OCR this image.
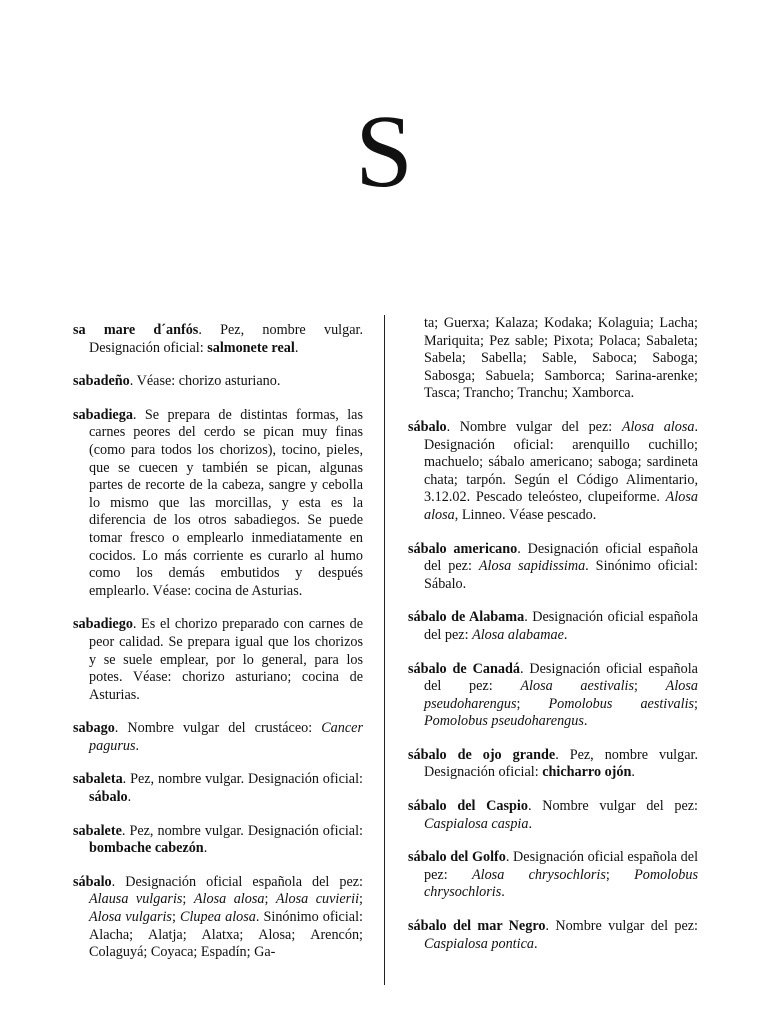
S

sa mare d´anfós. Pez, nombre vulgar. Designación oficial: salmonete real.

sabadeño. Véase: chorizo asturiano.

sabadiega. Se prepara de distintas formas, las carnes peores del cerdo se pican muy finas (como para todos los chorizos), tocino, pieles, que se cuecen y también se pican, algunas partes de recorte de la cabeza, sangre y cebolla lo mismo que las morcillas, y esta es la diferencia de los otros sabadiegos. Se puede tomar fresco o emplearlo inmediatamente en cocidos. Lo más corriente es curarlo al humo como los demás embutidos y después emplearlo. Véase: cocina de Asturias.

sabadiego. Es el chorizo preparado con carnes de peor calidad. Se prepara igual que los chorizos y se suele emplear, por lo general, para los potes. Véase: chorizo asturiano; cocina de Asturias.

sabago. Nombre vulgar del crustáceo: Cancer pagurus.

sabaleta. Pez, nombre vulgar. Designación oficial: sábalo.

sabalete. Pez, nombre vulgar. Designación oficial: bombache cabezón.

sábalo. Designación oficial española del pez: Alausa vulgaris; Alosa alosa; Alosa cuvierii; Alosa vulgaris; Clupea alosa. Sinónimo oficial: Alacha; Alatja; Alatxa; Alosa; Arencón; Colaguyá; Coyaca; Espadín; Ga-

ta; Guerxa; Kalaza; Kodaka; Kolaguia; Lacha; Mariquita; Pez sable; Pixota; Polaca; Sabaleta; Sabela; Sabella; Sable, Saboca; Saboga; Sabosga; Sabuela; Samborca; Sarina-arenke; Tasca; Trancho; Tranchu; Xamborca.

sábalo. Nombre vulgar del pez: Alosa alosa. Designación oficial: arenquillo cuchillo; machuelo; sábalo americano; saboga; sardineta chata; tarpón. Según el Código Alimentario, 3.12.02. Pescado teleósteo, clupeiforme. Alosa alosa, Linneo. Véase pescado.

sábalo americano. Designación oficial española del pez: Alosa sapidissima. Sinónimo oficial: Sábalo.

sábalo de Alabama. Designación oficial española del pez: Alosa alabamae.

sábalo de Canadá. Designación oficial española del pez: Alosa aestivalis; Alosa pseudoharengus; Pomolobus aestivalis; Pomolobus pseudoharengus.

sábalo de ojo grande. Pez, nombre vulgar. Designación oficial: chicharro ojón.

sábalo del Caspio. Nombre vulgar del pez: Caspialosa caspia.

sábalo del Golfo. Designación oficial española del pez: Alosa chrysochloris; Pomolobus chrysochloris.

sábalo del mar Negro. Nombre vulgar del pez: Caspialosa pontica.
